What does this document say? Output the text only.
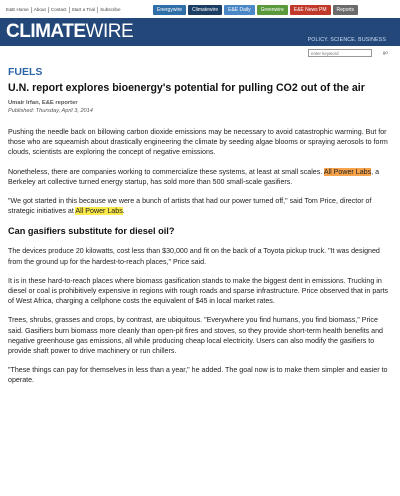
E&E Home	About	Contact	Start a Trial	Subscribe	Energywire	Climatewire	E&E Daily	Greenwire	E&E News PM	Reports
CLIMATEWIRE	POLICY. SCIENCE. BUSINESS
enter keyword
go
FUELS
U.N. report explores bioenergy's potential for pulling CO2 out of the air
Umair Irfan, E&E reporter
Published: Thursday, April 3, 2014

Pushing the needle back on billowing carbon dioxide emissions may be necessary to avoid catastrophic warming. But for those who are squeamish about drastically engineering the climate by seeding algae blooms or spraying aerosols to form clouds, scientists are exploring the concept of negative emissions.

Nonetheless, there are companies working to commercialize these systems, at least at small scales. All Power Labs, a Berkeley art collective turned energy startup, has sold more than 500 small-scale gasifiers.

"We got started in this because we were a bunch of artists that had our power turned off," said Tom Price, director of strategic initiatives at All Power Labs.

Can gasifiers substitute for diesel oil?

The devices produce 20 kilowatts, cost less than $30,000 and fit on the back of a Toyota pickup truck. "It was designed from the ground up for the hardest-to-reach places," Price said.

It is in these hard-to-reach places where biomass gasification stands to make the biggest dent in emissions. Trucking in diesel or coal is prohibitively expensive in regions with rough roads and sparse infrastructure. Price observed that in parts of West Africa, charging a cellphone costs the equivalent of $45 in local market rates.

Trees, shrubs, grasses and crops, by contrast, are ubiquitous. "Everywhere you find humans, you find biomass," Price said. Gasifiers burn biomass more cleanly than open-pit fires and stoves, so they provide short-term health benefits and negative greenhouse gas emissions, all while producing cheap local electricity. Users can also modify the gasifiers to provide shaft power to drive machinery or run chillers.

"These things can pay for themselves in less than a year," he added. The goal now is to make them simpler and easier to operate.
